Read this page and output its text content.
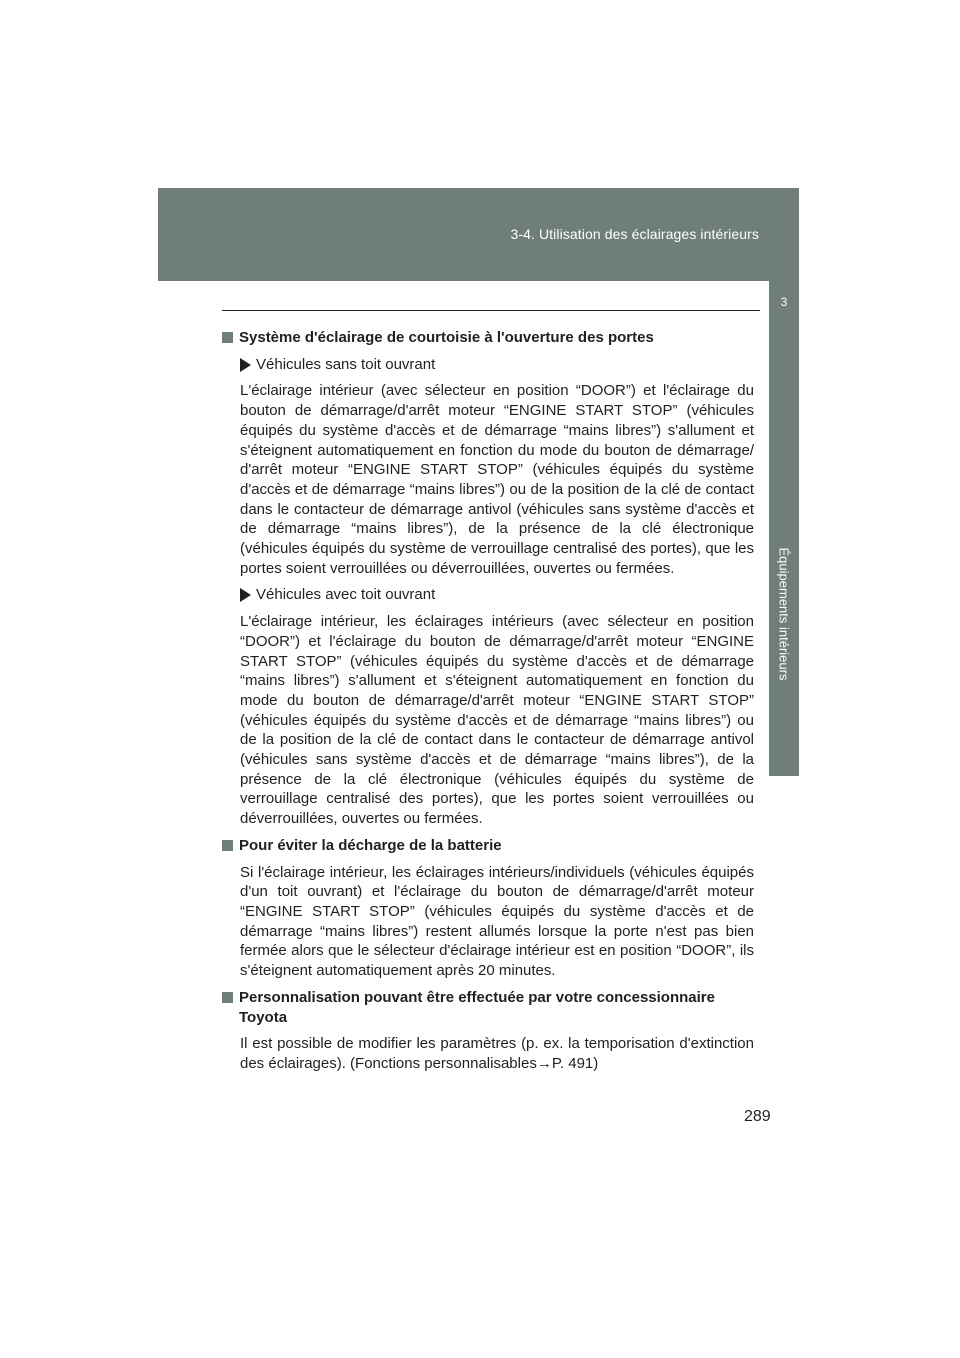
3-4. Utilisation des éclairages intérieurs
3
Équipements intérieurs
Système d'éclairage de courtoisie à l'ouverture des portes
Véhicules sans toit ouvrant

L'éclairage intérieur (avec sélecteur en position “DOOR”) et l'éclairage du bouton de démarrage/d'arrêt moteur “ENGINE START STOP” (véhicules équipés du système d'accès et de démarrage “mains libres”) s'allument et s'éteignent automatiquement en fonction du mode du bouton de démarrage/ d'arrêt moteur “ENGINE START STOP” (véhicules équipés du système d'accès et de démarrage “mains libres”) ou de la position de la clé de contact dans le contacteur de démarrage antivol (véhicules sans système d'accès et de démarrage “mains libres”), de la présence de la clé électronique (véhicules équipés du système de verrouillage centralisé des portes), que les portes soient verrouillées ou déverrouillées, ouvertes ou fermées.

Véhicules avec toit ouvrant

L'éclairage intérieur, les éclairages intérieurs (avec sélecteur en position “DOOR”) et l'éclairage du bouton de démarrage/d'arrêt moteur “ENGINE START STOP” (véhicules équipés du système d'accès et de démarrage “mains libres”) s'allument et s'éteignent automatiquement en fonction du mode du bouton de démarrage/d'arrêt moteur “ENGINE START STOP” (véhicules équipés du système d'accès et de démarrage “mains libres”) ou de la position de la clé de contact dans le contacteur de démarrage antivol (véhicules sans système d'accès et de démarrage “mains libres”), de la présence de la clé électronique (véhicules équipés du système de verrouillage centralisé des portes), que les portes soient verrouillées ou déverrouillées, ouvertes ou fermées.

Pour éviter la décharge de la batterie

Si l'éclairage intérieur, les éclairages intérieurs/individuels (véhicules équipés d'un toit ouvrant) et l'éclairage du bouton de démarrage/d'arrêt moteur “ENGINE START STOP” (véhicules équipés du système d'accès et de démarrage “mains libres”) restent allumés lorsque la porte n'est pas bien fermée alors que le sélecteur d'éclairage intérieur est en position “DOOR”, ils s'éteignent automatiquement après 20 minutes.

Personnalisation pouvant être effectuée par votre concessionnaire Toyota

Il est possible de modifier les paramètres (p. ex. la temporisation d'extinction des éclairages). (Fonctions personnalisables→P. 491)

289
